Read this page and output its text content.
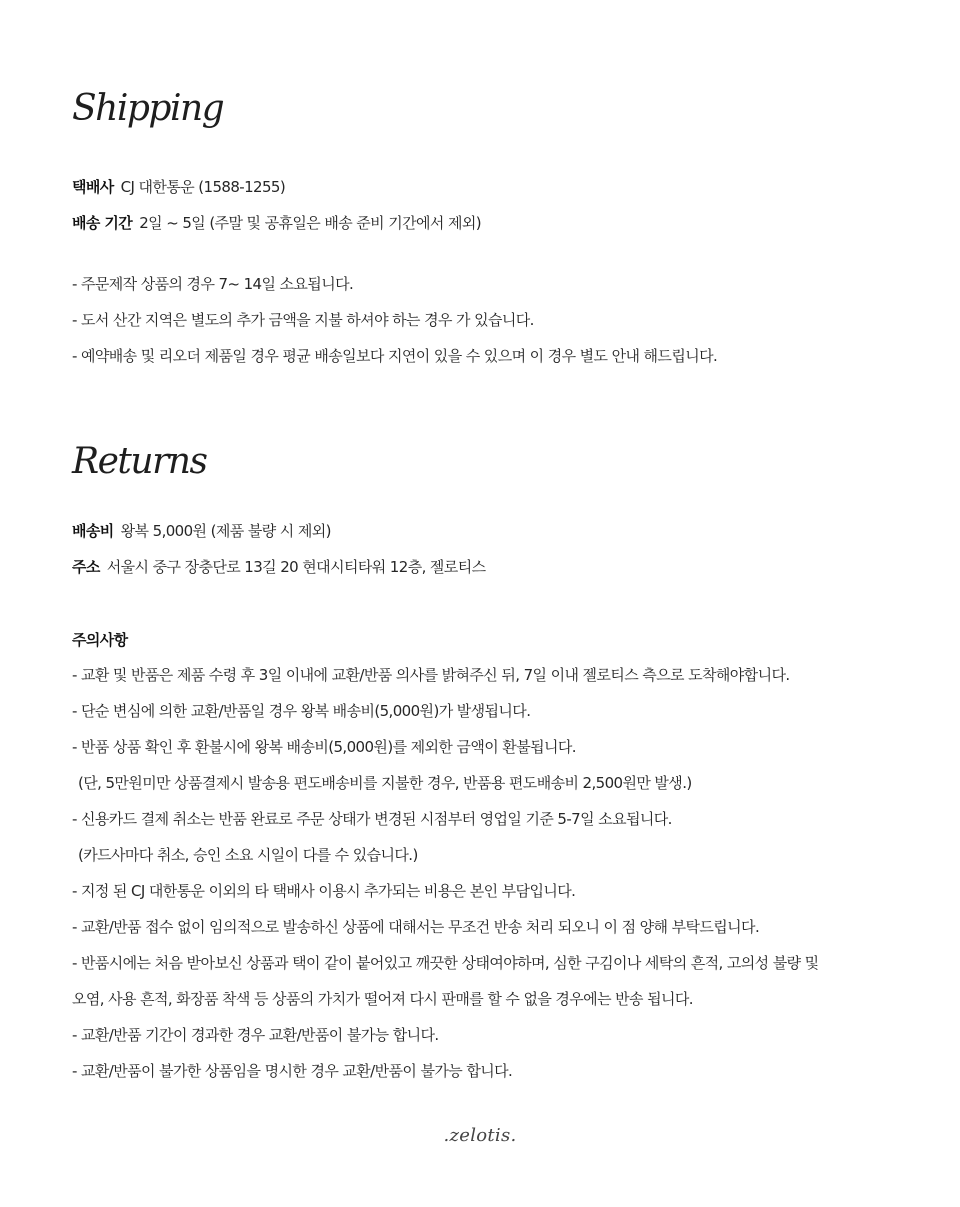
Shipping
택배사 CJ 대한통운 (1588-1255)
배송 기간 2일 ~ 5일 (주말 및 공휴일은 배송 준비 기간에서 제외)
- 주문제작 상품의 경우 7~ 14일 소요됩니다.
- 도서 산간 지역은 별도의 추가 금액을 지불 하셔야 하는 경우 가 있습니다.
- 예약배송 및 리오더 제품일 경우 평균 배송일보다 지연이 있을 수 있으며 이 경우 별도 안내 해드립니다.
Returns
배송비 왕복 5,000원 (제품 불량 시 제외)
주소 서울시 중구 장충단로 13길 20 현대시티타워 12층, 젤로티스
주의사항
- 교환 및 반품은 제품 수령 후 3일 이내에 교환/반품 의사를 밝혀주신 뒤, 7일 이내 젤로티스 측으로 도착해야합니다.
- 단순 변심에 의한 교환/반품일 경우 왕복 배송비(5,000원)가 발생됩니다.
- 반품 상품 확인 후 환불시에 왕복 배송비(5,000원)를 제외한 금액이 환불됩니다.
(단, 5만원미만 상품결제시 발송용 편도배송비를 지불한 경우, 반품용 편도배송비 2,500원만 발생.)
- 신용카드 결제 취소는 반품 완료로 주문 상태가 변경된 시점부터 영업일 기준 5-7일 소요됩니다.
(카드사마다 취소, 승인 소요 시일이 다를 수 있습니다.)
- 지정 된 CJ 대한통운 이외의 타 택배사 이용시 추가되는 비용은 본인 부담입니다.
- 교환/반품 접수 없이 임의적으로 발송하신 상품에 대해서는 무조건 반송 처리 되오니 이 점 양해 부탁드립니다.
- 반품시에는 처음 받아보신 상품과 택이 같이 붙어있고 깨끗한 상태여야하며, 심한 구김이나 세탁의 흔적, 고의성 불량 및
오염, 사용 흔적, 화장품 착색 등 상품의 가치가 떨어져 다시 판매를 할 수 없을 경우에는 반송 됩니다.
- 교환/반품 기간이 경과한 경우 교환/반품이 불가능 합니다.
- 교환/반품이 불가한 상품임을 명시한 경우 교환/반품이 불가능 합니다.
.zelotis.
